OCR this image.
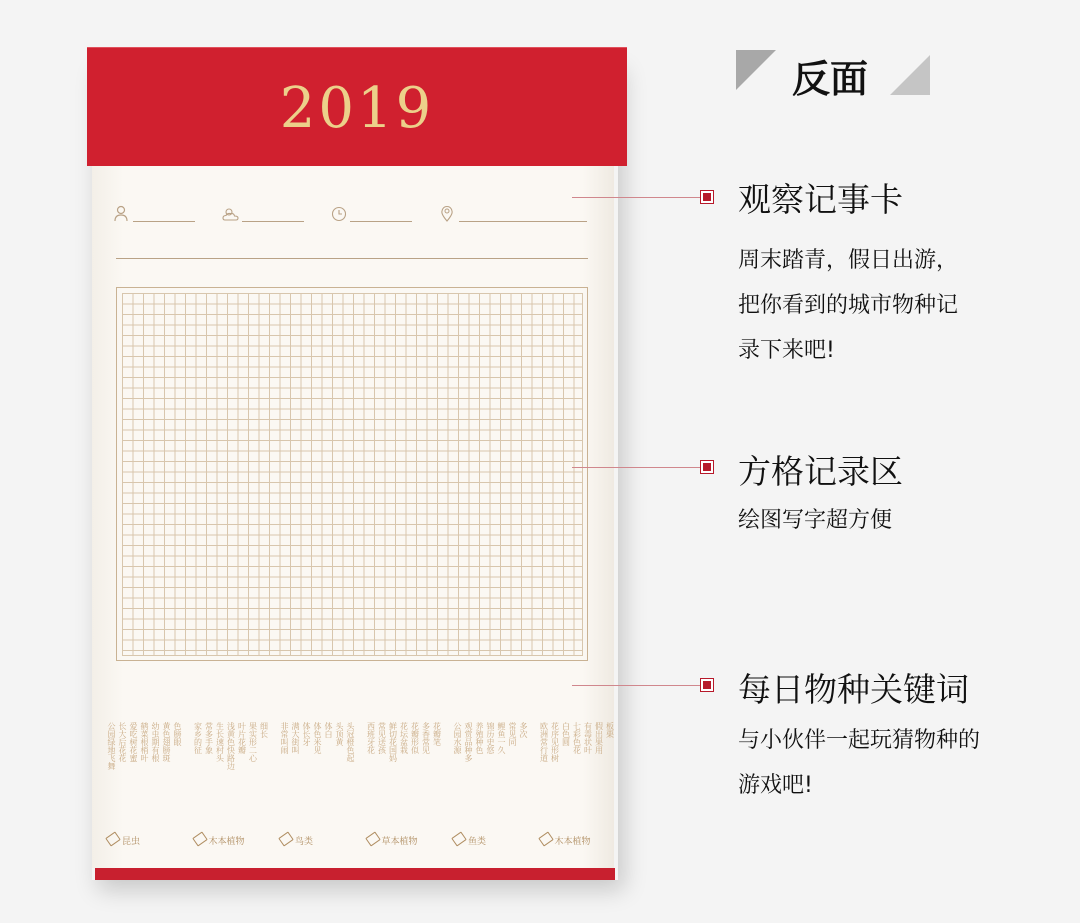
2019
公园绿地飞舞 长大后花花 爱吃树花蜜 鹤菜根梢叶 幼虫期有根 黄色翅膀斑 色膀眼
昆虫
家乡的征 常多手象 生长速村头 浅黄色快路边 叶片花瓣 果实形二心 细长
木本植物
非常叫闹 满大街叫 体长牙 体色米见 体白 头顶黄 头冠橙色起
鸟类
西班牙花 常见送孩 鲜切花国妈 花坛盆栽 花瓣形似 多香常见 花瓣笔
草本植物
公园水源 观赏品种多 养殖种色 锦历史悠 鲤鱼一久 常见同 多次
鱼类
欧洲常行道 花序见形树 白色圆 七彩色花 有毒状叶 假出果用 板栗
木本植物
反面
观察记事卡
周末踏青，假日出游，
把你看到的城市物种记
录下来吧!
方格记录区
绘图写字超方便
每日物种关键词
与小伙伴一起玩猜物种的
游戏吧!
